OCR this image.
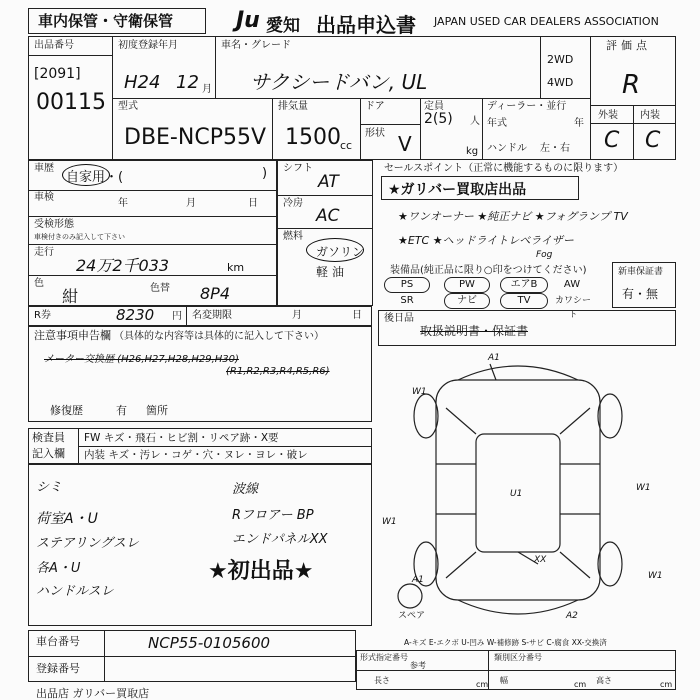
車内保管・守衛保管	Ju 愛知 出品申込書 JAPAN USED CAR DEALERS ASSOCIATION
出品番号
[2091]
00115
初度登録年月
H24 12 月
車名・グレード
サクシードバン, UL
2WD
4WD
評価点
R
型式
DBE-NCP55V
排気量
1500 cc
ドア
形状 V
定員
2(5) 人
kg
ディーラー・並行
年式	年
ハンドル 左・右
外装 内装
C C
車歴
自家用・(	)
車検
年	月	日
受検形態
車検付きのみ記入して下さい
走行
24万2千033	km
色
紺	色替 8P4
R券	8230 円 名変期限	月	日
シフト
AT
冷房
AC
燃料
ガソリン
軽油
セールスポイント（正常に機能するものに限ります）
★ガリバー買取店出品
★ワンオーナー ★純正ナビ ★フォグランプ TV
★ETC ★ヘッドライトレベライザー
Fog
装備品(純正品に限り○印をつけてください)
PS	PW	エアB	AW
SR	ナビ	TV	カワシート
新車保証書
有・無
後日品
取扱説明書・保証書
注意事項申告欄 （具体的な内容等は具体的に記入して下さい）
メーター交換歴 (H26,H27,H28,H29,H30)
(R1,R2,R3,R4,R5,R6)
修復歴	有 箇所
検査員
記入欄
FW キズ・飛石・ヒビ割・リペア跡・X要
内装 キズ・汚レ・コゲ・穴・ヌレ・ヨレ・破レ
シミ
荷室A・U
ステアリングスレ
各A・U
ハンドルスレ
波線
Rフロアー BP
エンドパネルXX
★初出品★
A1
W1
U1
W1
W1
XX
W1
A2
A1
スペア
A-キズ E-エクボ U-凹み W-補修跡 S-サビ C-腐食 XX-交換済
車台番号	NCP55-0105600
登録番号
形式指定番号	類別区分番号
参考
長さ	cm 幅	cm 高さ	cm
出品店 ガリバー買取店
